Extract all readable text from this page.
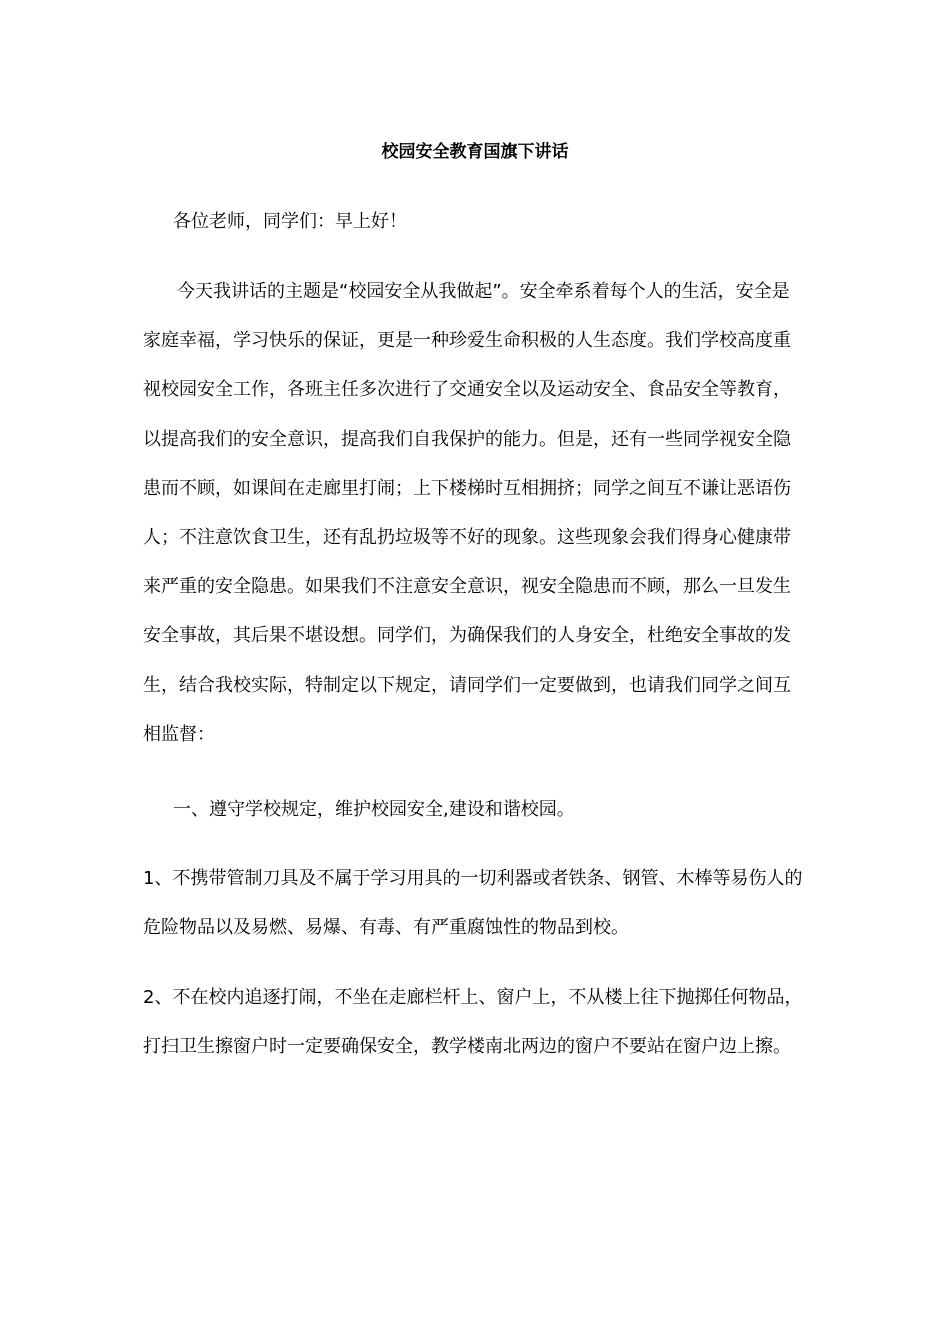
校园安全教育国旗下讲话

各位老师，同学们：早上好！

今天我讲话的主题是“校园安全从我做起”。安全牵系着每个人的生活，安全是家庭幸福，学习快乐的保证，更是一种珍爱生命积极的人生态度。我们学校高度重视校园安全工作，各班主任多次进行了交通安全以及运动安全、食品安全等教育，以提高我们的安全意识，提高我们自我保护的能力。但是，还有一些同学视安全隐患而不顾，如课间在走廊里打闹；上下楼梯时互相拥挤；同学之间互不谦让恶语伤人；不注意饮食卫生，还有乱扔垃圾等不好的现象。这些现象会我们得身心健康带来严重的安全隐患。如果我们不注意安全意识，视安全隐患而不顾，那么一旦发生安全事故，其后果不堪设想。同学们，为确保我们的人身安全，杜绝安全事故的发生，结合我校实际，特制定以下规定，请同学们一定要做到，也请我们同学之间互相监督：

一、遵守学校规定，维护校园安全,建设和谐校园。

1、不携带管制刀具及不属于学习用具的一切利器或者铁条、钢管、木棒等易伤人的危险物品以及易燃、易爆、有毒、有严重腐蚀性的物品到校。

2、不在校内追逐打闹，不坐在走廊栏杆上、窗户上，不从楼上往下抛掷任何物品，打扫卫生擦窗户时一定要确保安全，教学楼南北两边的窗户不要站在窗户边上擦。
